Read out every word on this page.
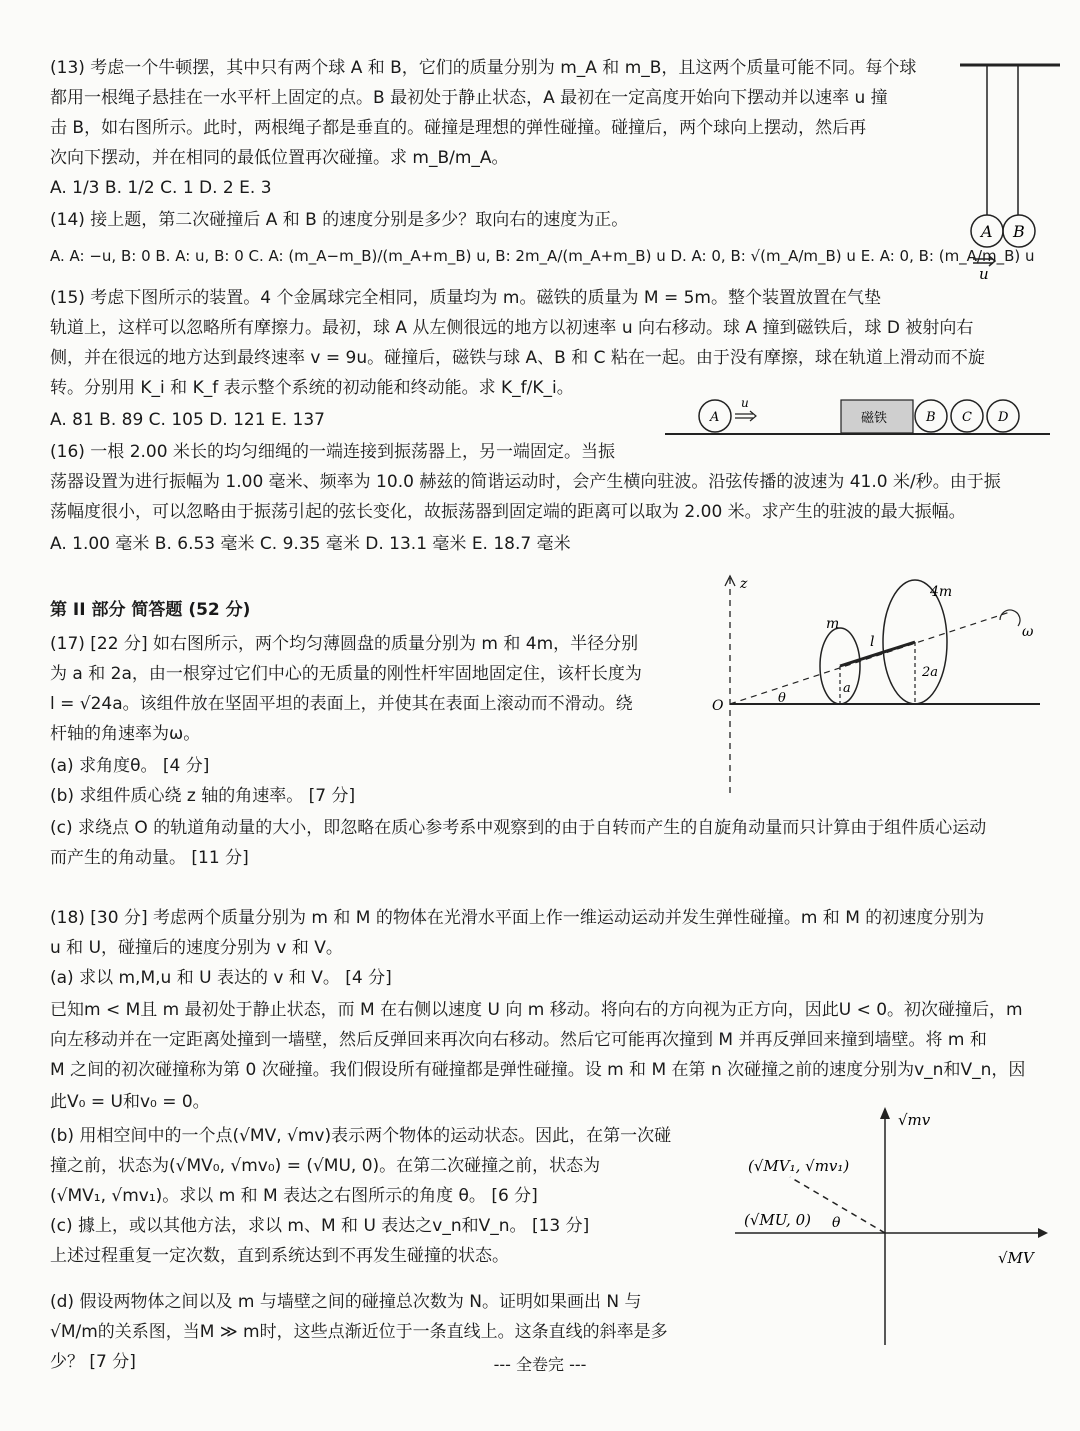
(13) 考虑一个牛顿摆，其中只有两个球 A 和 B，它们的质量分别为 m_A 和 m_B，且这两个质量可能不同。每个球
都用一根绳子悬挂在一水平杆上固定的点。B 最初处于静止状态，A 最初在一定高度开始向下摆动并以速率 u 撞
击 B，如右图所示。此时，两根绳子都是垂直的。碰撞是理想的弹性碰撞。碰撞后，两个球向上摆动，然后再
次向下摆动，并在相同的最低位置再次碰撞。求 m_B/m_A。
A. 1/3 B. 1/2 C. 1 D. 2 E. 3
(14) 接上题，第二次碰撞后 A 和 B 的速度分别是多少？取向右的速度为正。
A. A: −u, B: 0 B. A: u, B: 0 C. A: (m_A−m_B)/(m_A+m_B) u, B: 2m_A/(m_A+m_B) u D. A: 0, B: √(m_A/m_B) u E. A: 0, B: (m_A/m_B) u
(15) 考虑下图所示的装置。4 个金属球完全相同，质量均为 m。磁铁的质量为 M = 5m。整个装置放置在气垫
轨道上，这样可以忽略所有摩擦力。最初，球 A 从左侧很远的地方以初速率 u 向右移动。球 A 撞到磁铁后，球 D 被射向右
侧，并在很远的地方达到最终速率 v = 9u。碰撞后，磁铁与球 A、B 和 C 粘在一起。由于没有摩擦，球在轨道上滑动而不旋
转。分别用 K_i 和 K_f 表示整个系统的初动能和终动能。求 K_f/K_i。
A. 81 B. 89 C. 105 D. 121 E. 137
(16) 一根 2.00 米长的均匀细绳的一端连接到振荡器上，另一端固定。当振
荡器设置为进行振幅为 1.00 毫米、频率为 10.0 赫兹的简谐运动时，会产生横向驻波。沿弦传播的波速为 41.0 米/秒。由于振
荡幅度很小，可以忽略由于振荡引起的弦长变化，故振荡器到固定端的距离可以取为 2.00 米。求产生的驻波的最大振幅。
A. 1.00 毫米 B. 6.53 毫米 C. 9.35 毫米 D. 13.1 毫米 E. 18.7 毫米
第 II 部分 简答题 (52 分)
(17) [22 分] 如右图所示，两个均匀薄圆盘的质量分别为 m 和 4m，半径分别
为 a 和 2a，由一根穿过它们中心的无质量的刚性杆牢固地固定住，该杆长度为
l = √24a。该组件放在坚固平坦的表面上，并使其在表面上滚动而不滑动。绕
杆轴的角速率为ω。
(a) 求角度θ。 [4 分]
(b) 求组件质心绕 z 轴的角速率。 [7 分]
(c) 求绕点 O 的轨道角动量的大小，即忽略在质心参考系中观察到的由于自转而产生的自旋角动量而只计算由于组件质心运动
而产生的角动量。 [11 分]
(18) [30 分] 考虑两个质量分别为 m 和 M 的物体在光滑水平面上作一维运动运动并发生弹性碰撞。m 和 M 的初速度分别为
u 和 U，碰撞后的速度分别为 v 和 V。
(a) 求以 m,M,u 和 U 表达的 v 和 V。 [4 分]
已知m < M且 m 最初处于静止状态，而 M 在右侧以速度 U 向 m 移动。将向右的方向视为正方向，因此U < 0。初次碰撞后，m
向左移动并在一定距离处撞到一墙壁，然后反弹回来再次向右移动。然后它可能再次撞到 M 并再反弹回来撞到墙壁。将 m 和
M 之间的初次碰撞称为第 0 次碰撞。我们假设所有碰撞都是弹性碰撞。设 m 和 M 在第 n 次碰撞之前的速度分别为v_n和V_n，因
此V₀ = U和v₀ = 0。
(b) 用相空间中的一个点(√MV, √mv)表示两个物体的运动状态。因此，在第一次碰
撞之前，状态为(√MV₀, √mv₀) = (√MU, 0)。在第二次碰撞之前，状态为
(√MV₁, √mv₁)。求以 m 和 M 表达之右图所示的角度 θ。 [6 分]
(c) 據上，或以其他方法，求以 m、M 和 U 表达之v_n和V_n。 [13 分]
上述过程重复一定次数，直到系统达到不再发生碰撞的状态。
(d) 假设两物体之间以及 m 与墙壁之间的碰撞总次数为 N。证明如果画出 N 与
√M/m的关系图，当M ≫ m时，这些点渐近位于一条直线上。这条直线的斜率是多
少？ [7 分]
A B
u
A
u
磁铁	B C D
z
O
m
4m
l
a
2a
θ
ω
√mv
√MV
(√MV₁, √mv₁)
(√MU, 0) θ
--- 全卷完 ---
